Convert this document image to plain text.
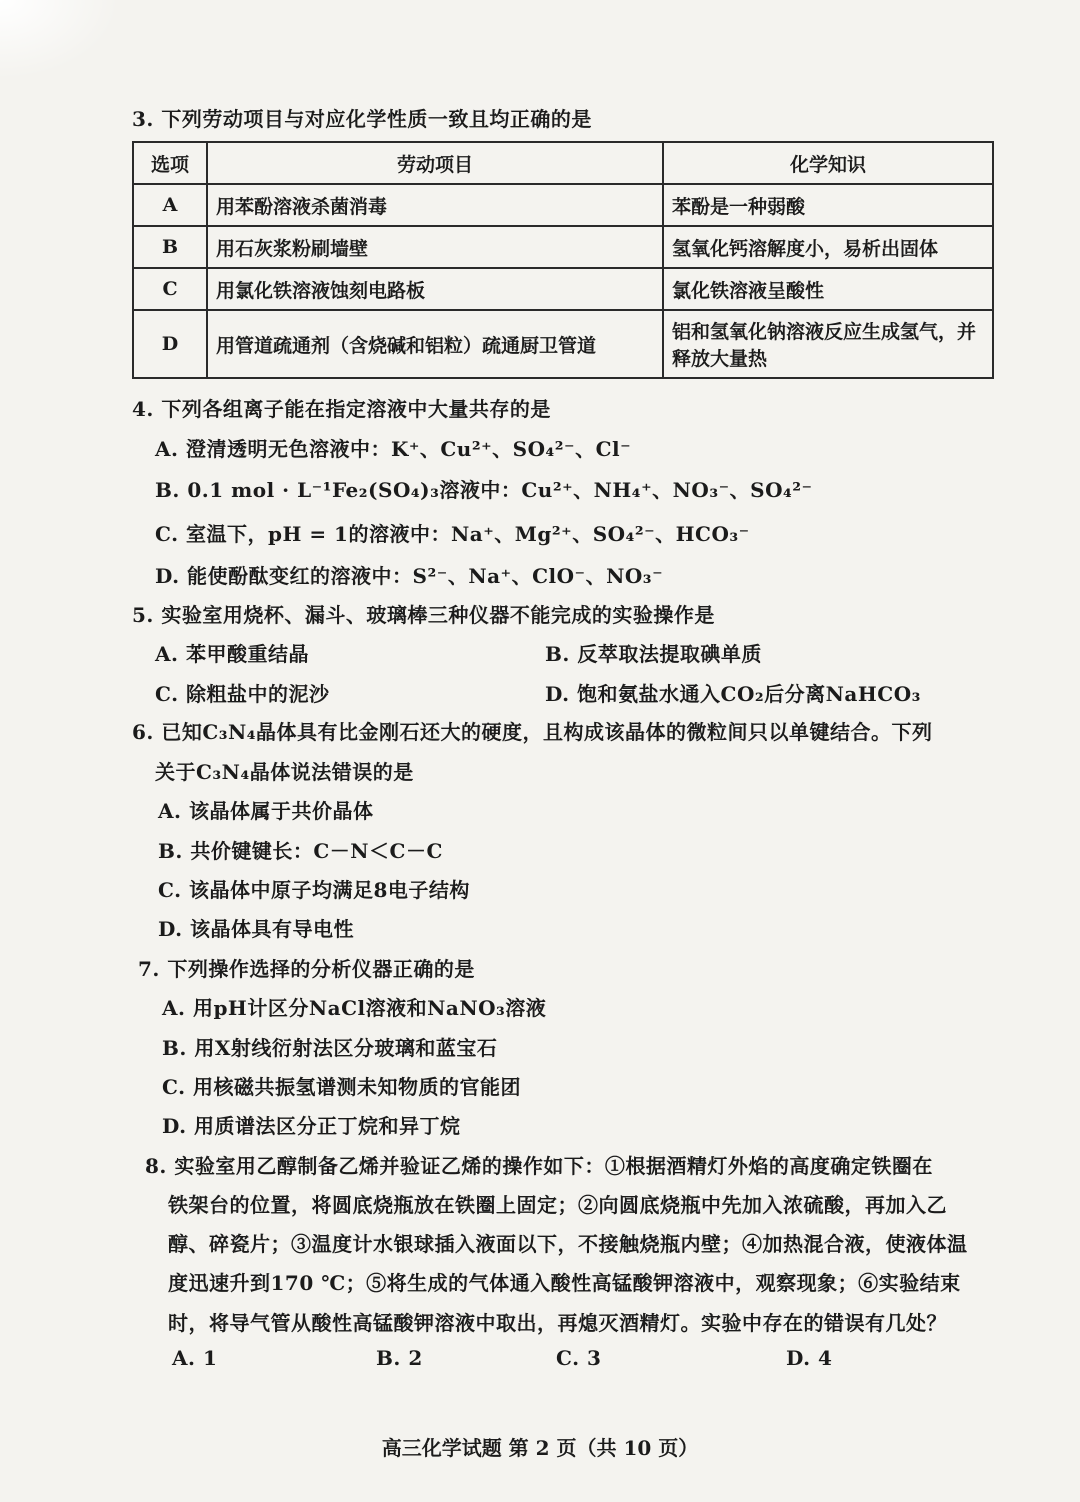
3. 下列劳动项目与对应化学性质一致且均正确的是
选项	劳动项目	化学知识
A	用苯酚溶液杀菌消毒	苯酚是一种弱酸
B	用石灰浆粉刷墙壁	氢氧化钙溶解度小，易析出固体
C	用氯化铁溶液蚀刻电路板	氯化铁溶液呈酸性
D	用管道疏通剂（含烧碱和铝粒）疏通厨卫管道	铝和氢氧化钠溶液反应生成氢气，并释放大量热
4. 下列各组离子能在指定溶液中大量共存的是
A. 澄清透明无色溶液中：K⁺、Cu²⁺、SO₄²⁻、Cl⁻
B. 0.1 mol · L⁻¹Fe₂(SO₄)₃溶液中：Cu²⁺、NH₄⁺、NO₃⁻、SO₄²⁻
C. 室温下，pH = 1的溶液中：Na⁺、Mg²⁺、SO₄²⁻、HCO₃⁻
D. 能使酚酞变红的溶液中：S²⁻、Na⁺、ClO⁻、NO₃⁻
5. 实验室用烧杯、漏斗、玻璃棒三种仪器不能完成的实验操作是
A. 苯甲酸重结晶	B. 反萃取法提取碘单质
C. 除粗盐中的泥沙	D. 饱和氨盐水通入CO₂后分离NaHCO₃
6. 已知C₃N₄晶体具有比金刚石还大的硬度，且构成该晶体的微粒间只以单键结合。下列
关于C₃N₄晶体说法错误的是
A. 该晶体属于共价晶体
B. 共价键键长：C－N＜C－C
C. 该晶体中原子均满足8电子结构
D. 该晶体具有导电性
7. 下列操作选择的分析仪器正确的是
A. 用pH计区分NaCl溶液和NaNO₃溶液
B. 用X射线衍射法区分玻璃和蓝宝石
C. 用核磁共振氢谱测未知物质的官能团
D. 用质谱法区分正丁烷和异丁烷
8. 实验室用乙醇制备乙烯并验证乙烯的操作如下：①根据酒精灯外焰的高度确定铁圈在
铁架台的位置，将圆底烧瓶放在铁圈上固定；②向圆底烧瓶中先加入浓硫酸，再加入乙
醇、碎瓷片；③温度计水银球插入液面以下，不接触烧瓶内壁；④加热混合液，使液体温
度迅速升到170 ℃；⑤将生成的气体通入酸性高锰酸钾溶液中，观察现象；⑥实验结束
时，将导气管从酸性高锰酸钾溶液中取出，再熄灭酒精灯。实验中存在的错误有几处？
A. 1	B. 2	C. 3	D. 4
高三化学试题 第 2 页（共 10 页）
